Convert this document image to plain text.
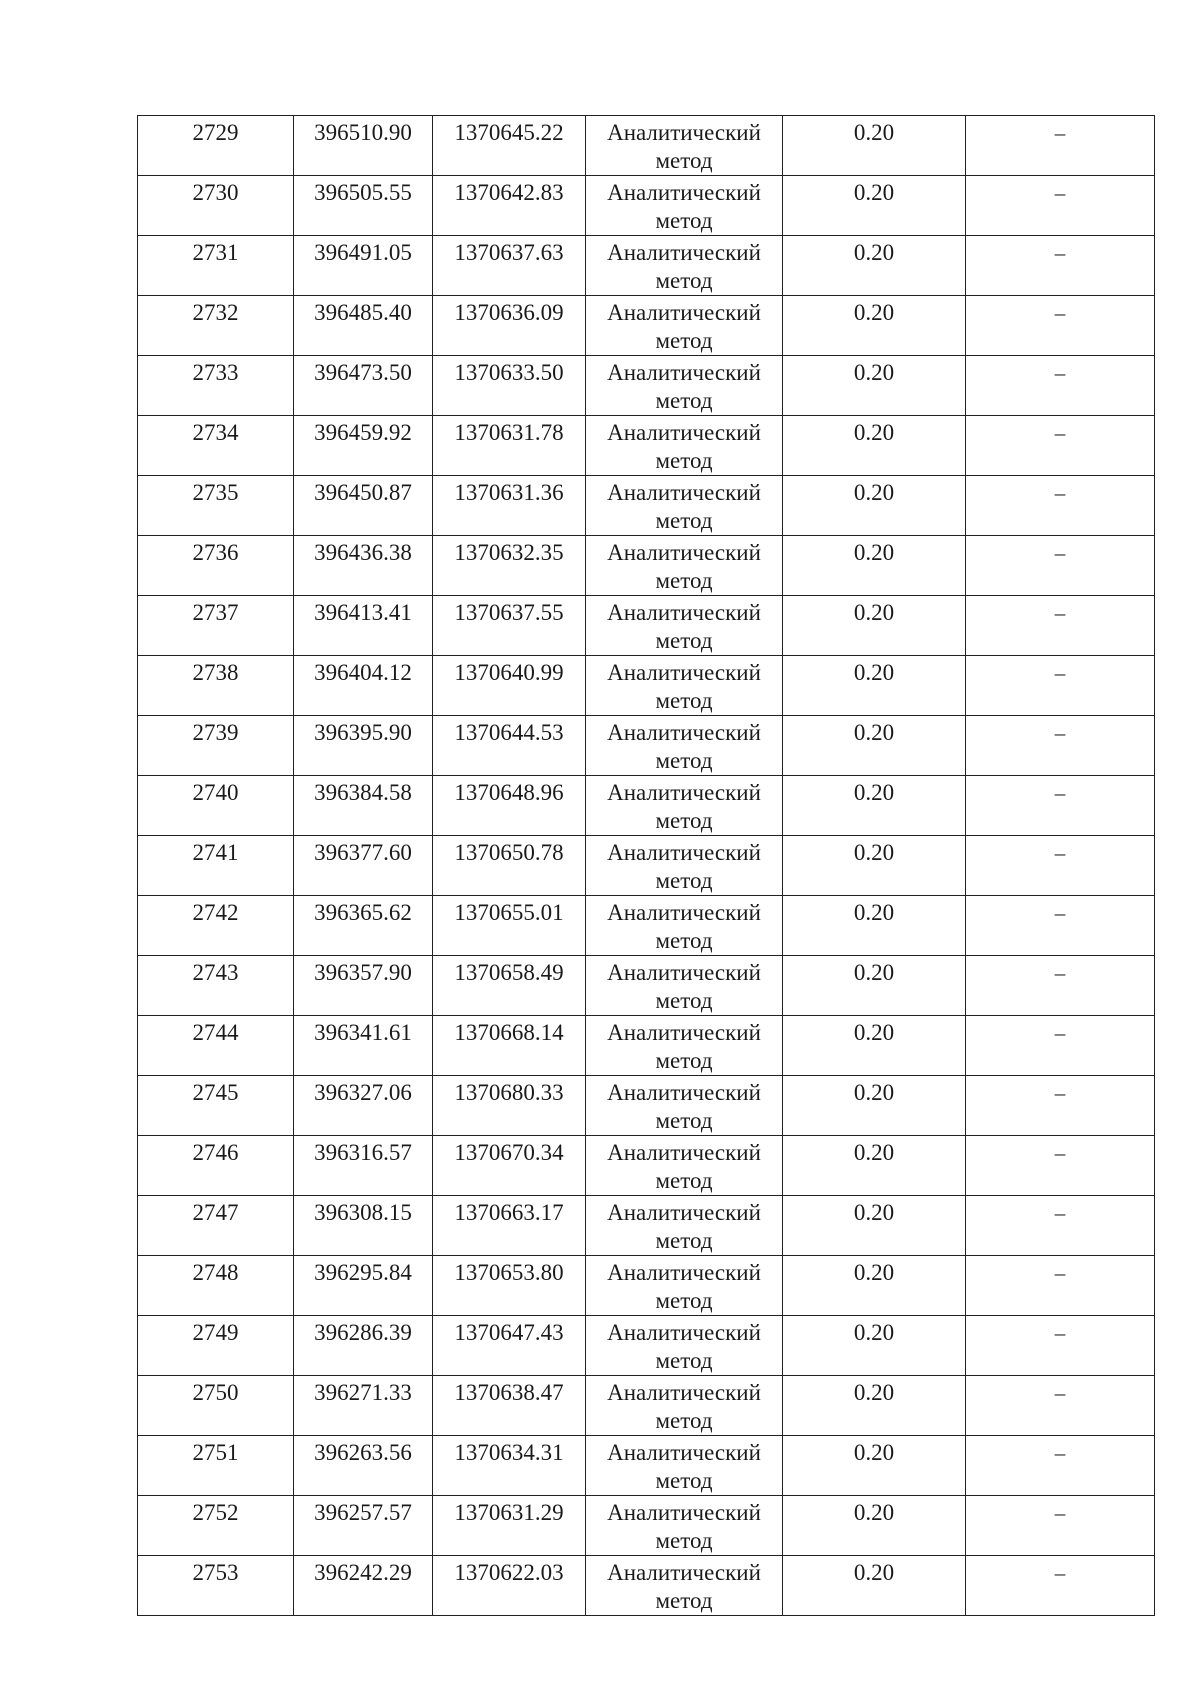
2729	396510.90	1370645.22	Аналитический метод	0.20	–
2730	396505.55	1370642.83	Аналитический метод	0.20	–
2731	396491.05	1370637.63	Аналитический метод	0.20	–
2732	396485.40	1370636.09	Аналитический метод	0.20	–
2733	396473.50	1370633.50	Аналитический метод	0.20	–
2734	396459.92	1370631.78	Аналитический метод	0.20	–
2735	396450.87	1370631.36	Аналитический метод	0.20	–
2736	396436.38	1370632.35	Аналитический метод	0.20	–
2737	396413.41	1370637.55	Аналитический метод	0.20	–
2738	396404.12	1370640.99	Аналитический метод	0.20	–
2739	396395.90	1370644.53	Аналитический метод	0.20	–
2740	396384.58	1370648.96	Аналитический метод	0.20	–
2741	396377.60	1370650.78	Аналитический метод	0.20	–
2742	396365.62	1370655.01	Аналитический метод	0.20	–
2743	396357.90	1370658.49	Аналитический метод	0.20	–
2744	396341.61	1370668.14	Аналитический метод	0.20	–
2745	396327.06	1370680.33	Аналитический метод	0.20	–
2746	396316.57	1370670.34	Аналитический метод	0.20	–
2747	396308.15	1370663.17	Аналитический метод	0.20	–
2748	396295.84	1370653.80	Аналитический метод	0.20	–
2749	396286.39	1370647.43	Аналитический метод	0.20	–
2750	396271.33	1370638.47	Аналитический метод	0.20	–
2751	396263.56	1370634.31	Аналитический метод	0.20	–
2752	396257.57	1370631.29	Аналитический метод	0.20	–
2753	396242.29	1370622.03	Аналитический метод	0.20	–
